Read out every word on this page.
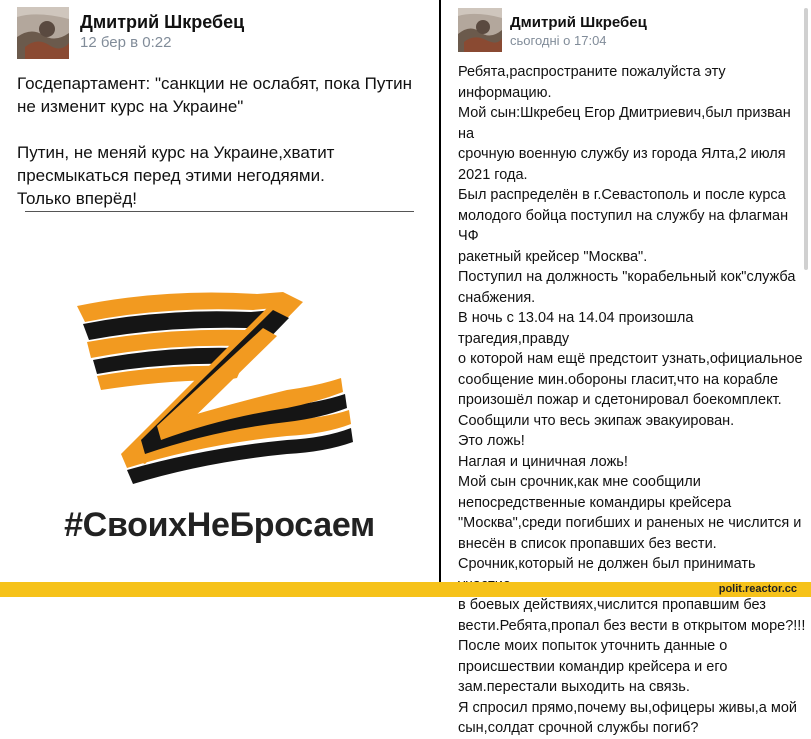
Дмитрий Шкребец
12 бер в 0:22
Госдепартамент: "санкции не ослабят, пока Путин
не изменит курс на Украине"

Путин, не меняй курс на Украине,хватит
пресмыкаться перед этими негодяями.
Только вперёд!
#СвоихНеБросаем
Дмитрий Шкребец
сьогодні о 17:04
Ребята,распространите пожалуйста эту
информацию.
Мой сын:Шкребец Егор Дмитриевич,был призван на
срочную военную службу из города Ялта,2 июля
2021 года.
Был распределён в г.Севастополь и после курса
молодого бойца поступил на службу на флагман ЧФ
ракетный крейсер "Москва".
Поступил на должность "корабельный кок"служба
снабжения.
В ночь с 13.04 на 14.04 произошла трагедия,правду
о которой нам ещё предстоит узнать,официальное
сообщение мин.обороны гласит,что на корабле
произошёл пожар и сдетонировал боекомплект.
Сообщили что весь экипаж эвакуирован.
Это ложь!
Наглая и циничная ложь!
Мой сын срочник,как мне сообщили
непосредственные командиры крейсера
"Москва",среди погибших и раненых не числится и
внесён в список пропавших без вести.
Срочник,который не должен был принимать
в боевых действиях,числится пропавшим без
вести.Ребята,пропал без вести в открытом море?!!!
После моих попыток уточнить данные о
происшествии командир крейсера и его
зам.перестали выходить на связь.
Я спросил прямо,почему вы,офицеры живы,а мой
сын,солдат срочной службы погиб?
polit.reactor.cc
